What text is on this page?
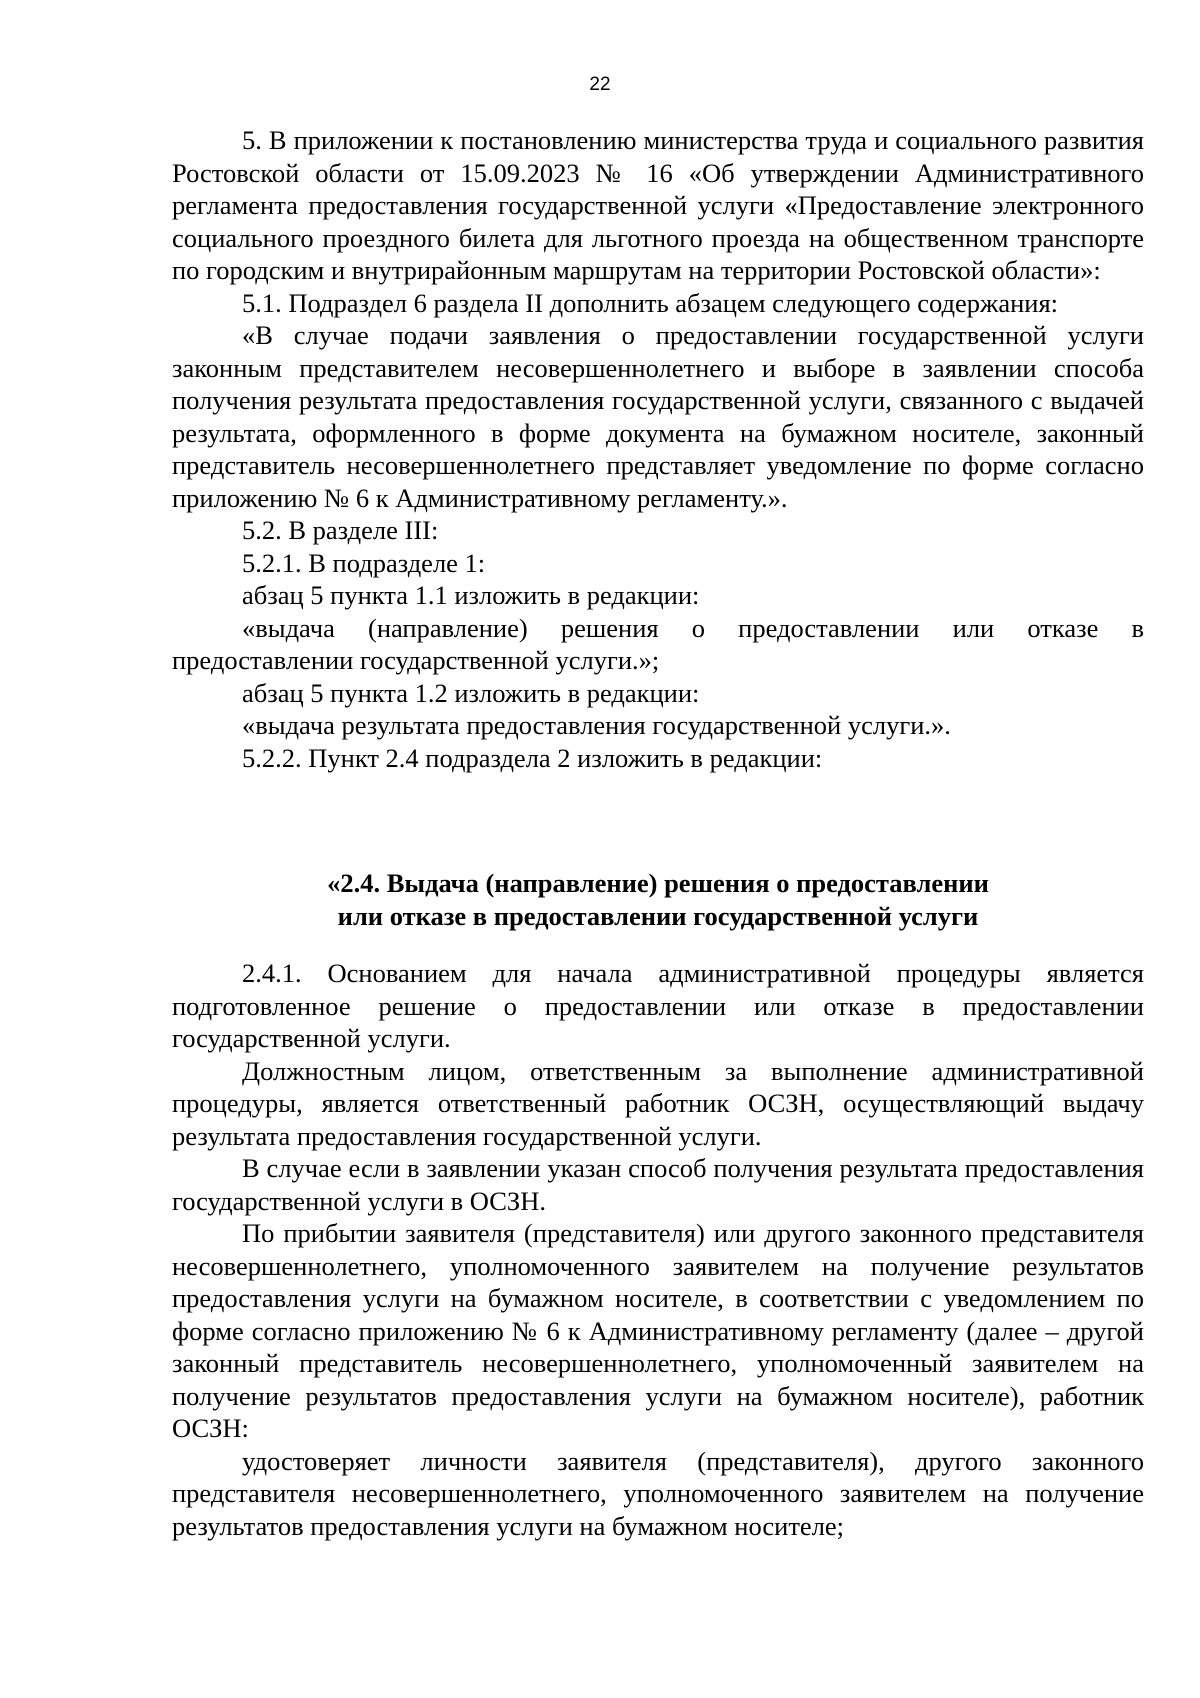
22

5. В приложении к постановлению министерства труда и социального развития Ростовской области от 15.09.2023 № 16 «Об утверждении Административного регламента предоставления государственной услуги «Предоставление электронного социального проездного билета для льготного проезда на общественном транспорте по городским и внутрирайонным маршрутам на территории Ростовской области»:

5.1. Подраздел 6 раздела II дополнить абзацем следующего содержания:

«В случае подачи заявления о предоставлении государственной услуги законным представителем несовершеннолетнего и выборе в заявлении способа получения результата предоставления государственной услуги, связанного с выдачей результата, оформленного в форме документа на бумажном носителе, законный представитель несовершеннолетнего представляет уведомление по форме согласно приложению № 6 к Административному регламенту.».

5.2. В разделе III:

5.2.1. В подразделе 1:

абзац 5 пункта 1.1 изложить в редакции:

«выдача (направление) решения о предоставлении или отказе в предоставлении государственной услуги.»;

абзац 5 пункта 1.2 изложить в редакции:

«выдача результата предоставления государственной услуги.».

5.2.2. Пункт 2.4 подраздела 2 изложить в редакции:

«2.4. Выдача (направление) решения о предоставлении
или отказе в предоставлении государственной услуги

2.4.1. Основанием для начала административной процедуры является подготовленное решение о предоставлении или отказе в предоставлении государственной услуги.

Должностным лицом, ответственным за выполнение административной процедуры, является ответственный работник ОСЗН, осуществляющий выдачу результата предоставления государственной услуги.

В случае если в заявлении указан способ получения результата предоставления государственной услуги в ОСЗН.

По прибытии заявителя (представителя) или другого законного представителя несовершеннолетнего, уполномоченного заявителем на получение результатов предоставления услуги на бумажном носителе, в соответствии с уведомлением по форме согласно приложению № 6 к Административному регламенту (далее – другой законный представитель несовершеннолетнего, уполномоченный заявителем на получение результатов предоставления услуги на бумажном носителе), работник ОСЗН:

удостоверяет личности заявителя (представителя), другого законного представителя несовершеннолетнего, уполномоченного заявителем на получение результатов предоставления услуги на бумажном носителе;
